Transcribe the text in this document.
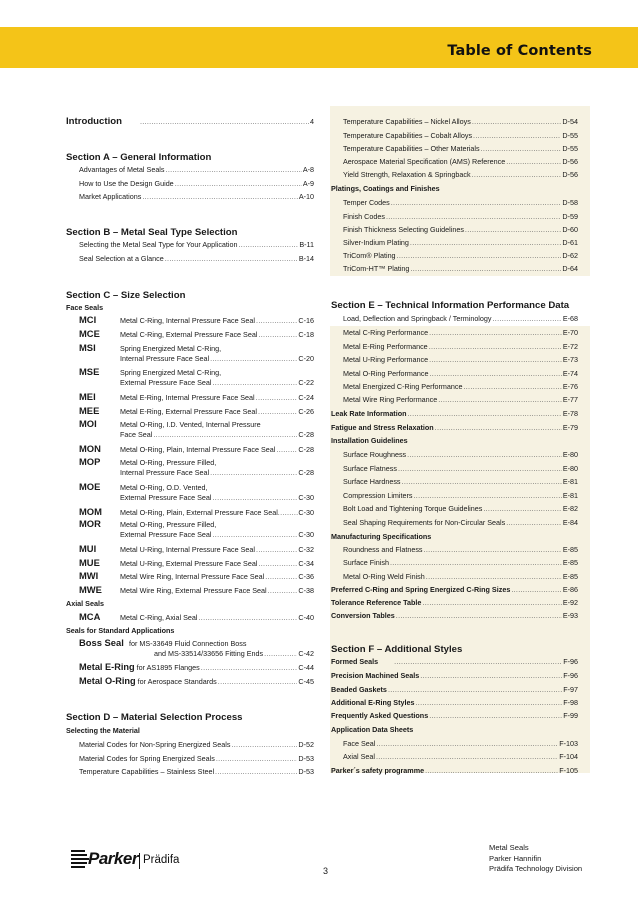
Table of Contents
Introduction .....	4
Section A – General Information
Advantages of Metal Seals .....	A-8
How to Use the Design Guide .....	A-9
Market Applications .....	A-10
Section B – Metal Seal Type Selection
Selecting the Metal Seal Type for Your Application .....	B-11
Seal Selection at a Glance .....	B-14
Section C – Size Selection
Face Seals
MCI	Metal C-Ring, Internal Pressure Face Seal .....	C-16
MCE	Metal C-Ring, External Pressure Face Seal .....	C-18
MSI	Spring Energized Metal C-Ring,
Internal Pressure Face Seal .....	C-20
MSE	Spring Energized Metal C-Ring,
External Pressure Face Seal .....	C-22
MEI	Metal E-Ring, Internal Pressure Face Seal .....	C-24
MEE	Metal E-Ring, External Pressure Face Seal .....	C-26
MOI	Metal O-Ring, I.D. Vented, Internal Pressure
Face Seal .....	C-28
MON	Metal O-Ring, Plain, Internal Pressure Face Seal .....	C-28
MOP	Metal O-Ring, Pressure Filled,
Internal Pressure Face Seal .....	C-28
MOE	Metal O-Ring, O.D. Vented,
External Pressure Face Seal .....	C-30
MOM	Metal O-Ring, Plain, External Pressure Face Seal .....	C-30
MOR	Metal O-Ring, Pressure Filled,
External Pressure Face Seal .....	C-30
MUI	Metal U-Ring, Internal Pressure Face Seal .....	C-32
MUE	Metal U-Ring, External Pressure Face Seal .....	C-34
MWI	Metal Wire Ring, Internal Pressure Face Seal .....	C-36
MWE	Metal Wire Ring, External Pressure Face Seal .....	C-38
Axial Seals
MCA	Metal C-Ring, Axial Seal .....	C-40
Seals for Standard Applications
Boss Seal for MS-33649 Fluid Connection Boss
and MS-33514/33656 Fitting Ends .....	C-42
Metal E-Ring for AS1895 Flanges .....	C-44
Metal O-Ring for Aerospace Standards .....	C-45
Section D – Material Selection Process
Selecting the Material
Material Codes for Non-Spring Energized Seals .....	D-52
Material Codes for Spring Energized Seals .....	D-53
Temperature Capabilities – Stainless Steel .....	D-53
Temperature Capabilities – Nickel Alloys .....	D-54
Temperature Capabilities – Cobalt Alloys .....	D-55
Temperature Capabilities – Other Materials .....	D-55
Aerospace Material Specification (AMS) Reference .....	D-56
Yield Strength, Relaxation & Springback .....	D-56
Platings, Coatings and Finishes
Temper Codes .....	D-58
Finish Codes .....	D-59
Finish Thickness Selecting Guidelines .....	D-60
Silver-Indium Plating .....	D-61
TriCom® Plating .....	D-62
TriCom-HT™ Plating .....	D-64
Section E – Technical Information Performance Data
Load, Deflection and Springback / Terminology .....	E-68
Metal C-Ring Performance .....	E-70
Metal E-Ring Performance .....	E-72
Metal U-Ring Performance .....	E-73
Metal O-Ring Performance .....	E-74
Metal Energized C-Ring Performance .....	E-76
Metal Wire Ring Performance .....	E-77
Leak Rate Information .....	E-78
Fatigue and Stress Relaxation .....	E-79
Installation Guidelines
Surface Roughness .....	E-80
Surface Flatness .....	E-80
Surface Hardness .....	E-81
Compression Limiters .....	E-81
Bolt Load and Tightening Torque Guidelines .....	E-82
Seal Shaping Requirements for Non-Circular Seals .....	E-84
Manufacturing Specifications
Roundness and Flatness .....	E-85
Surface Finish .....	E-85
Metal O-Ring Weld Finish .....	E-85
Preferred C-Ring and Spring Energized C-Ring Sizes .....	E-86
Tolerance Reference Table .....	E-92
Conversion Tables .....	E-93
Section F – Additional Styles
Formed Seals .....	F-96
Precision Machined Seals .....	F-96
Beaded Gaskets .....	F-97
Additional E-Ring Styles .....	F-98
Frequently Asked Questions .....	F-99
Application Data Sheets
Face Seal .....	F-103
Axial Seal .....	F-104
Parker´s safety programme .....	F-105
Parker Prädifa
3
Metal Seals
Parker Hannifin
Prädifa Technology Division
